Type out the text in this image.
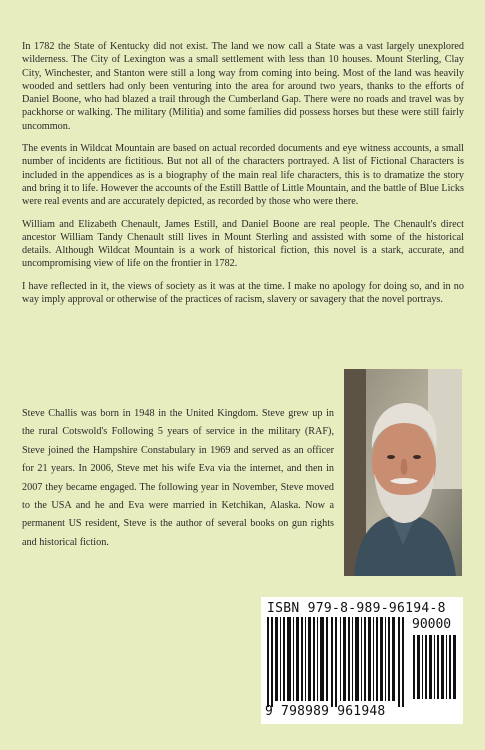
In 1782 the State of Kentucky did not exist. The land we now call a State was a vast largely unexplored wilderness. The City of Lexington was a small settlement with less than 10 houses. Mount Sterling, Clay City, Winchester, and Stanton were still a long way from coming into being. Most of the land was heavily wooded and settlers had only been venturing into the area for around two years, thanks to the efforts of Daniel Boone, who had blazed a trail through the Cumberland Gap. There were no roads and travel was by packhorse or walking. The military (Militia) and some families did possess horses but these were still fairly uncommon.

The events in Wildcat Mountain are based on actual recorded documents and eye witness accounts, a small number of incidents are fictitious. But not all of the characters portrayed. A list of Fictional Characters is included in the appendices as is a biography of the main real life characters, this is to dramatize the story and bring it to life. However the accounts of the Estill Battle of Little Mountain, and the battle of Blue Licks were real events and are accurately depicted, as recorded by those who were there.

William and Elizabeth Chenault, James Estill, and Daniel Boone are real people. The Chenault's direct ancestor William Tandy Chenault still lives in Mount Sterling and assisted with some of the historical details. Although Wildcat Mountain is a work of historical fiction, this novel is a stark, accurate, and uncompromising view of life on the frontier in 1782.

I have reflected in it, the views of society as it was at the time. I make no apology for doing so, and in no way imply approval or otherwise of the practices of racism, slavery or savagery that the novel portrays.

Steve Challis was born in 1948 in the United Kingdom. Steve grew up in the rural Cotswold's Following 5 years of service in the military (RAF), Steve joined the Hampshire Constabulary in 1969 and served as an officer for 21 years. In 2006, Steve met his wife Eva via the internet, and then in 2007 they became engaged. The following year in November, Steve moved to the USA and he and Eva were married in Ketchikan, Alaska. Now a permanent US resident, Steve is the author of several books on gun rights and historical fiction.
ISBN 979-8-989-96194-8
90000
9 798989 961948
